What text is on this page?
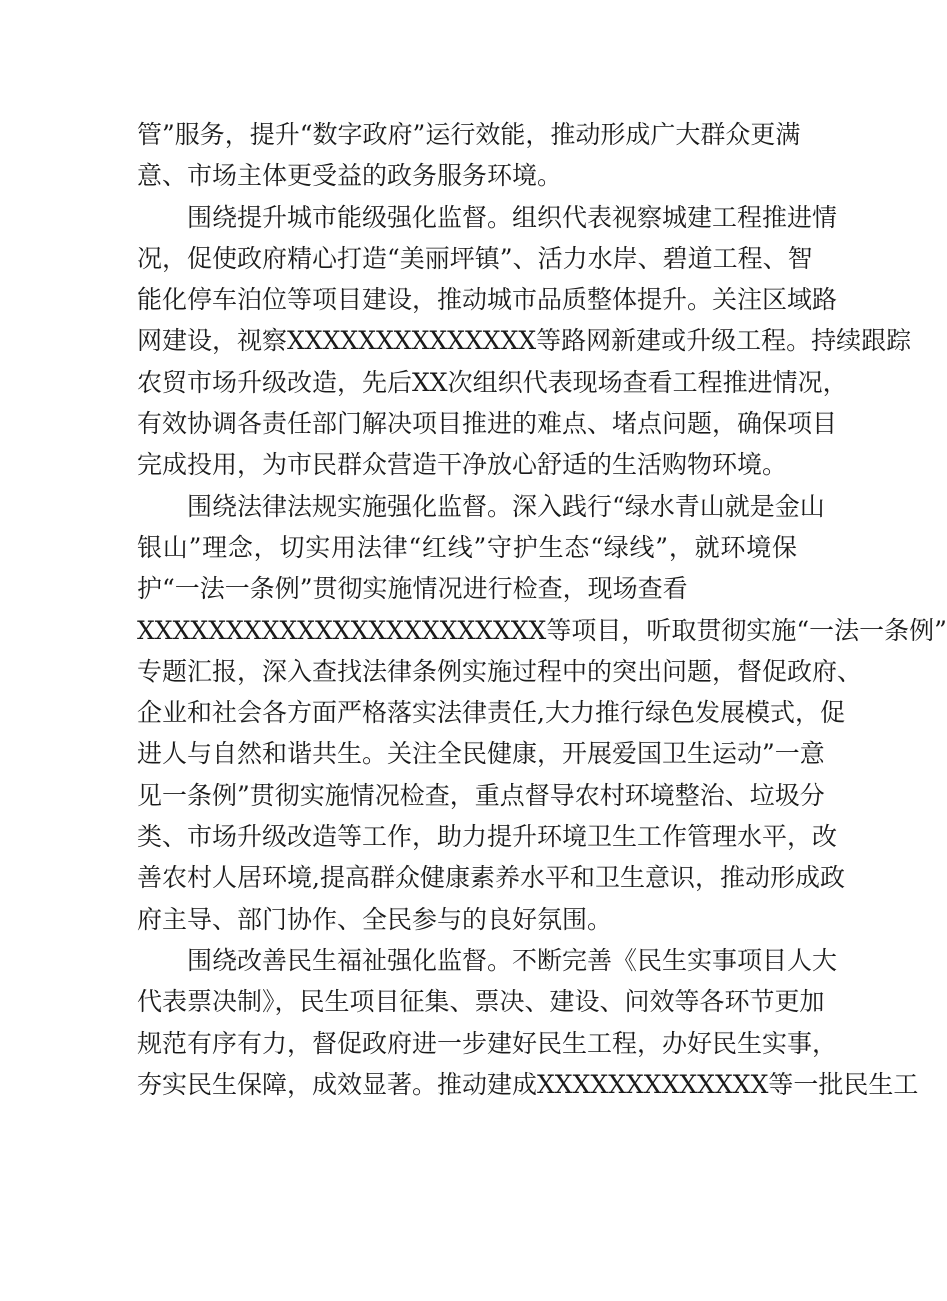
管”服务，提升“数字政府”运行效能，推动形成广大群众更满
意、市场主体更受益的政务服务环境。
围绕提升城市能级强化监督。组织代表视察城建工程推进情
况，促使政府精心打造“美丽坪镇”、活力水岸、碧道工程、智
能化停车泊位等项目建设，推动城市品质整体提升。关注区域路
网建设，视察XXXXXXXXXXXXXX等路网新建或升级工程。持续跟踪
农贸市场升级改造，先后XX次组织代表现场查看工程推进情况，
有效协调各责任部门解决项目推进的难点、堵点问题，确保项目
完成投用，为市民群众营造干净放心舒适的生活购物环境。
围绕法律法规实施强化监督。深入践行“绿水青山就是金山
银山”理念，切实用法律“红线”守护生态“绿线”，就环境保
护“一法一条例”贯彻实施情况进行检查，现场查看
XXXXXXXXXXXXXXXXXXXXXXX等项目，听取贯彻实施“一法一条例”
专题汇报，深入查找法律条例实施过程中的突出问题，督促政府、
企业和社会各方面严格落实法律责任,大力推行绿色发展模式，促
进人与自然和谐共生。关注全民健康，开展爱国卫生运动”一意
见一条例”贯彻实施情况检查，重点督导农村环境整治、垃圾分
类、市场升级改造等工作，助力提升环境卫生工作管理水平，改
善农村人居环境,提高群众健康素养水平和卫生意识，推动形成政
府主导、部门协作、全民参与的良好氛围。
围绕改善民生福祉强化监督。不断完善《民生实事项目人大
代表票决制》，民生项目征集、票决、建设、问效等各环节更加
规范有序有力，督促政府进一步建好民生工程，办好民生实事，
夯实民生保障，成效显著。推动建成XXXXXXXXXXXXX等一批民生工
